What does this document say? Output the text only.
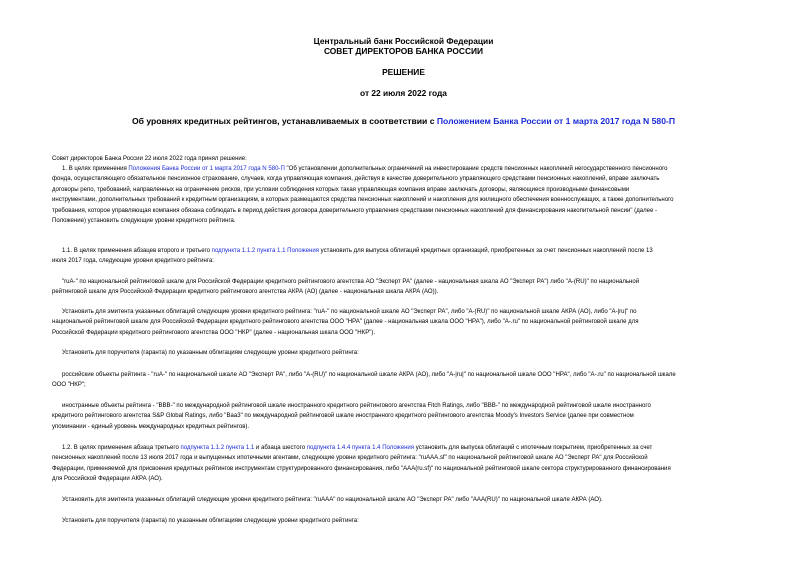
Центральный банк Российской Федерации
СОВЕТ ДИРЕКТОРОВ БАНКА РОССИИ
РЕШЕНИЕ
от 22 июля 2022 года
Об уровнях кредитных рейтингов, устанавливаемых в соответствии с Положением Банка России от 1 марта 2017 года N 580-П
Совет директоров Банка России 22 июля 2022 года принял решение:
1. В целях применения Положения Банка России от 1 марта 2017 года N 580-П "Об установлении дополнительных ограничений на инвестирование средств пенсионных накоплений негосударственного пенсионного
фонда, осуществляющего обязательное пенсионное страхование, случаев, когда управляющая компания, действуя в качестве доверительного управляющего средствами пенсионных накоплений, вправе заключать
договоры репо, требований, направленных на ограничение рисков, при условии соблюдения которых такая управляющая компания вправе заключать договоры, являющиеся производными финансовыми
инструментами, дополнительных требований к кредитным организациям, в которых размещаются средства пенсионных накоплений и накопления для жилищного обеспечения военнослужащих, а также дополнительного
требования, которое управляющая компания обязана соблюдать в период действия договора доверительного управления средствами пенсионных накоплений для финансирования накопительной пенсии" (далее -
Положение) установить следующие уровни кредитного рейтинга.
1.1. В целях применения абзацев второго и третьего подпункта 1.1.2 пункта 1.1 Положения установить для выпуска облигаций кредитных организаций, приобретенных за счет пенсионных накоплений после 13
июля 2017 года, следующие уровни кредитного рейтинга:
"ruA-" по национальной рейтинговой шкале для Российской Федерации кредитного рейтингового агентства АО "Эксперт РА" (далее - национальная шкала АО "Эксперт РА") либо "A-(RU)" по национальной
рейтинговой шкале для Российской Федерации кредитного рейтингового агентства АКРА (АО) (далее - национальная шкала АКРА (АО)).
Установить для эмитента указанных облигаций следующие уровни кредитного рейтинга: "ruA-" по национальной шкале АО "Эксперт РА", либо "A-(RU)" по национальной шкале АКРА (АО), либо "A-|ru|" по
национальной рейтинговой шкале для Российской Федерации кредитного рейтингового агентства ООО "НРА" (далее - национальная шкала ООО "НРА"), либо "A-.ru" по национальной рейтинговой шкале для
Российской Федерации кредитного рейтингового агентства ООО "НКР" (далее - национальная шкала ООО "НКР").
Установить для поручителя (гаранта) по указанным облигациям следующие уровни кредитного рейтинга:
российские объекты рейтинга - "ruA-" по национальной шкале АО "Эксперт РА", либо "A-(RU)" по национальной шкале АКРА (АО), либо "A-|ru|" по национальной шкале ООО "НРА", либо "A-.ru" по национальной шкале
ООО "НКР";
иностранные объекты рейтинга - "BBB-" по международной рейтинговой шкале иностранного кредитного рейтингового агентства Fitch Ratings, либо "BBB-" по международной рейтинговой шкале иностранного
кредитного рейтингового агентства S&P Global Ratings, либо "Baa3" по международной рейтинговой шкале иностранного кредитного рейтингового агентства Moody's Investors Service (далее при совместном
упоминании - единый уровень международных кредитных рейтингов).
1.2. В целях применения абзаца третьего подпункта 1.1.2 пункта 1.1 и абзаца шестого подпункта 1.4.4 пункта 1.4 Положения установить для выпуска облигаций с ипотечным покрытием, приобретенных за счет
пенсионных накоплений после 13 июля 2017 года и выпущенных ипотечными агентами, следующие уровни кредитного рейтинга: "ruAAA.sf" по национальной рейтинговой шкале АО "Эксперт РА" для Российской
Федерации, применяемой для присвоения кредитных рейтингов инструментам структурированного финансирования, либо "AAA(ru.sf)" по национальной рейтинговой шкале сектора структурированного финансирования
для Российской Федерации АКРА (АО).
Установить для эмитента указанных облигаций следующие уровни кредитного рейтинга: "ruAAA" по национальной шкале АО "Эксперт РА" либо "AAA(RU)" по национальной шкале АКРА (АО).
Установить для поручителя (гаранта) по указанным облигациям следующие уровни кредитного рейтинга:
